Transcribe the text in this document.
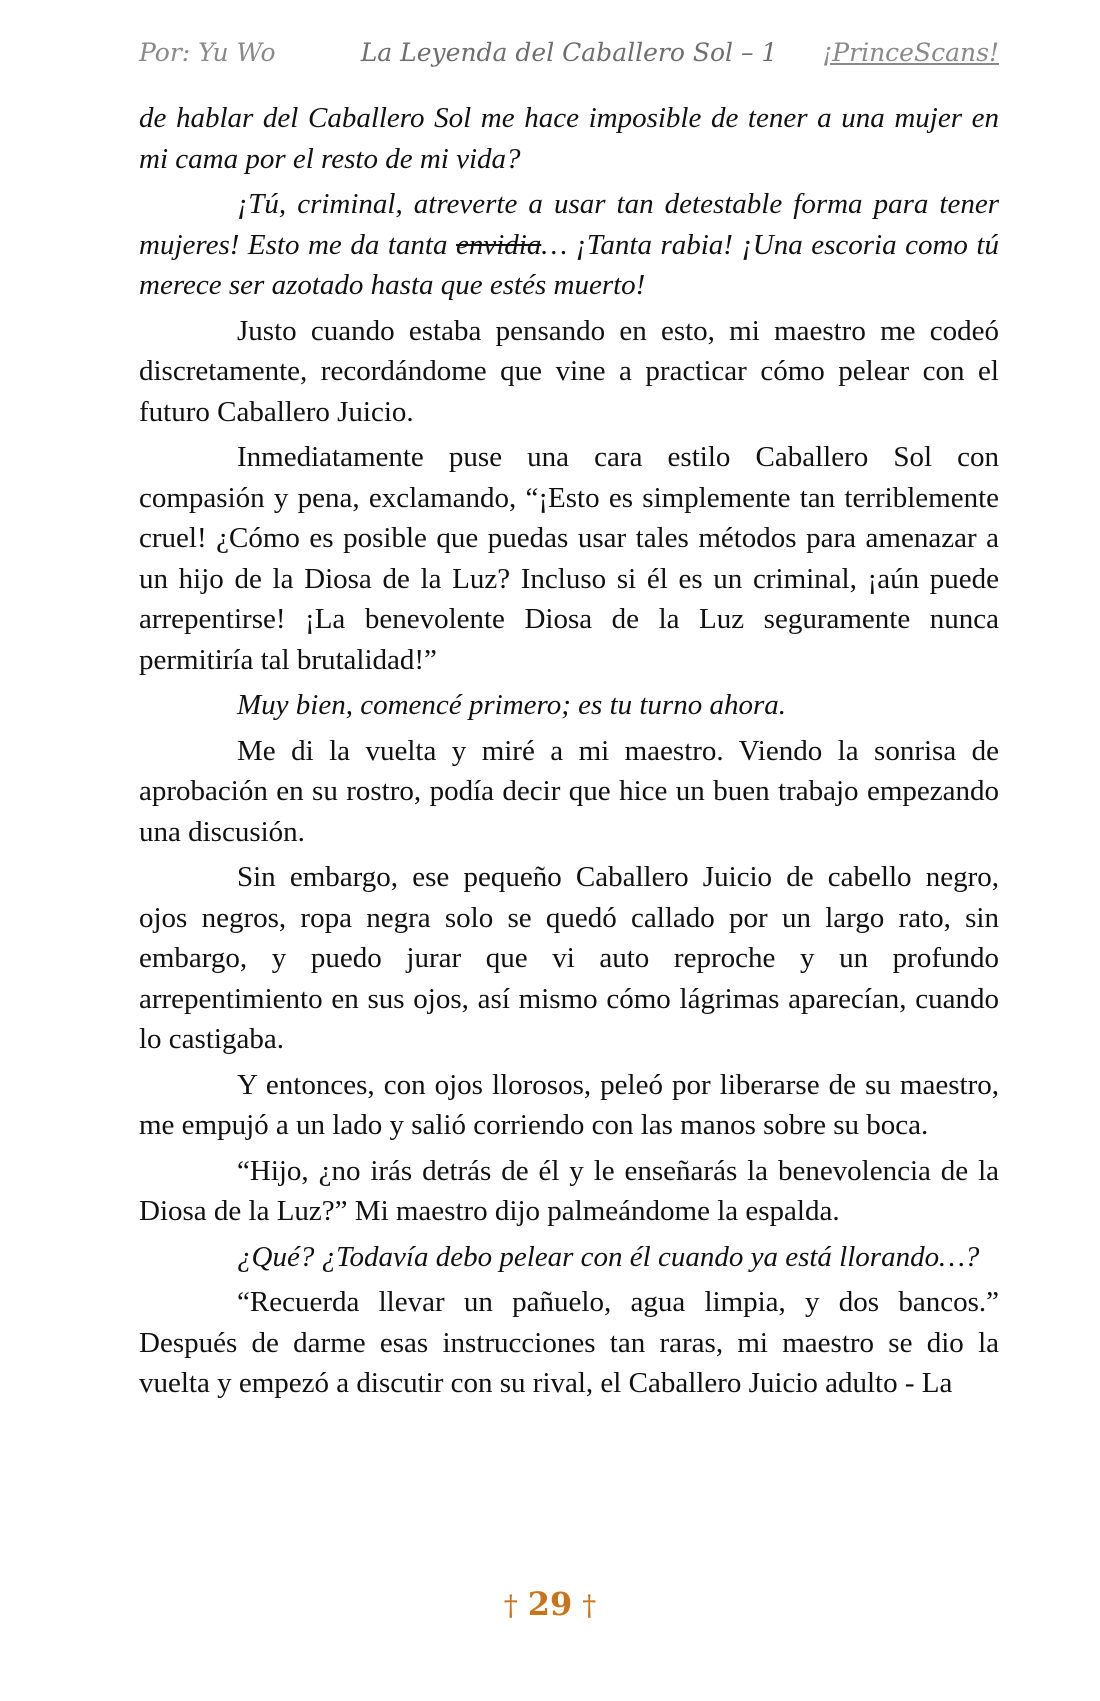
Por: Yu Wo	La Leyenda del Caballero Sol – 1	¡PrinceScans!

de hablar del Caballero Sol me hace imposible de tener a una mujer en mi cama por el resto de mi vida?

¡Tú, criminal, atreverte a usar tan detestable forma para tener mujeres! Esto me da tanta envidia… ¡Tanta rabia! ¡Una escoria como tú merece ser azotado hasta que estés muerto!

Justo cuando estaba pensando en esto, mi maestro me codeó discretamente, recordándome que vine a practicar cómo pelear con el futuro Caballero Juicio.

Inmediatamente puse una cara estilo Caballero Sol con compasión y pena, exclamando, “¡Esto es simplemente tan terriblemente cruel! ¿Cómo es posible que puedas usar tales métodos para amenazar a un hijo de la Diosa de la Luz? Incluso si él es un criminal, ¡aún puede arrepentirse! ¡La benevolente Diosa de la Luz seguramente nunca permitiría tal brutalidad!”

Muy bien, comencé primero; es tu turno ahora.

Me di la vuelta y miré a mi maestro. Viendo la sonrisa de aprobación en su rostro, podía decir que hice un buen trabajo empezando una discusión.

Sin embargo, ese pequeño Caballero Juicio de cabello negro, ojos negros, ropa negra solo se quedó callado por un largo rato, sin embargo, y puedo jurar que vi auto reproche y un profundo arrepentimiento en sus ojos, así mismo cómo lágrimas aparecían, cuando lo castigaba.

Y entonces, con ojos llorosos, peleó por liberarse de su maestro, me empujó a un lado y salió corriendo con las manos sobre su boca.

“Hijo, ¿no irás detrás de él y le enseñarás la benevolencia de la Diosa de la Luz?” Mi maestro dijo palmeándome la espalda.

¿Qué? ¿Todavía debo pelear con él cuando ya está llorando…?

“Recuerda llevar un pañuelo, agua limpia, y dos bancos.” Después de darme esas instrucciones tan raras, mi maestro se dio la vuelta y empezó a discutir con su rival, el Caballero Juicio adulto - La

† 29 †
